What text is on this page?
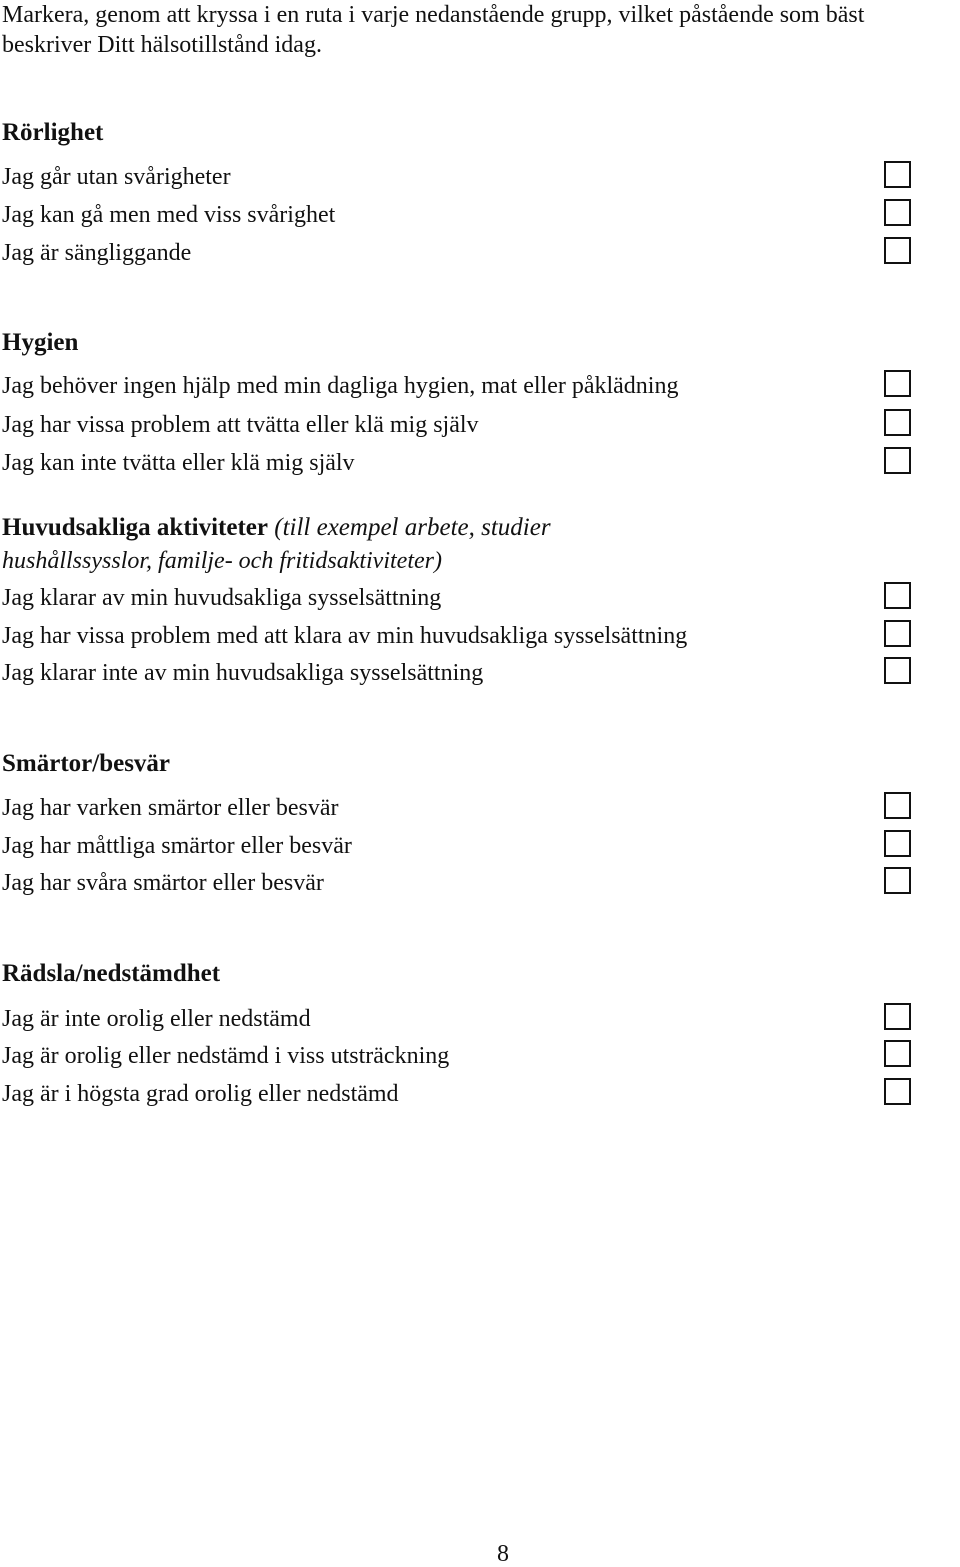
Markera, genom att kryssa i en ruta i varje nedanstående grupp, vilket påstående som bäst
beskriver Ditt hälsotillstånd idag.
Rörlighet
Jag går utan svårigheter
Jag kan gå men med viss svårighet
Jag är sängliggande
Hygien
Jag behöver ingen hjälp med min dagliga hygien, mat eller påklädning
Jag har vissa problem att tvätta eller klä mig själv
Jag kan inte tvätta eller klä mig själv
Huvudsakliga aktiviteter (till exempel arbete, studier
hushållssysslor, familje- och fritidsaktiviteter)
Jag klarar av min huvudsakliga sysselsättning
Jag har vissa problem med att klara av min huvudsakliga sysselsättning
Jag klarar inte av min huvudsakliga sysselsättning
Smärtor/besvär
Jag har varken smärtor eller besvär
Jag har måttliga smärtor eller besvär
Jag har svåra smärtor eller besvär
Rädsla/nedstämdhet
Jag är inte orolig eller nedstämd
Jag är orolig eller nedstämd i viss utsträckning
Jag är i högsta grad orolig eller nedstämd
8
